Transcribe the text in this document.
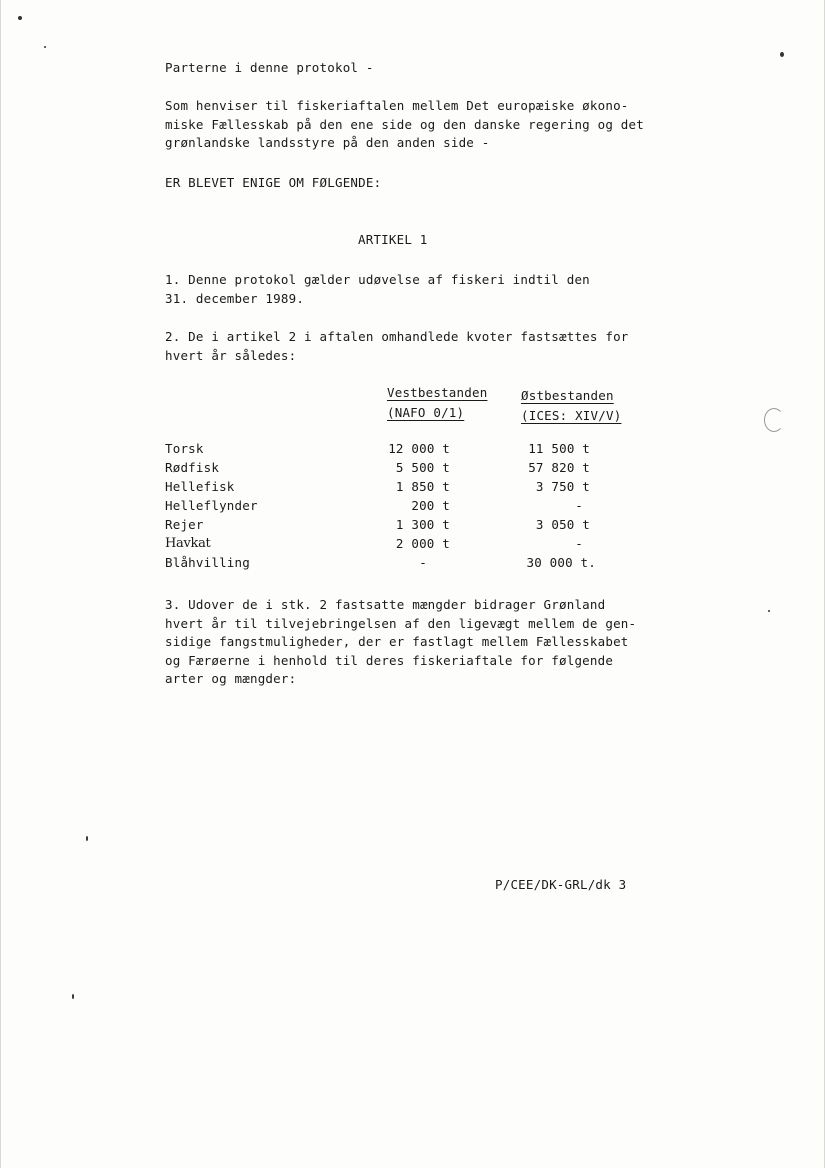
Parterne i denne protokol -
Som henviser til fiskeriaftalen mellem Det europæiske økono-
miske Fællesskab på den ene side og den danske regering og det
grønlandske landsstyre på den anden side -
ER BLEVET ENIGE OM FØLGENDE:
ARTIKEL 1
1. Denne protokol gælder udøvelse af fiskeri indtil den
31. december 1989.
2. De i artikel 2 i aftalen omhandlede kvoter fastsættes for
hvert år således:
Vestbestanden
(NAFO 0/1)
Østbestanden
(ICES: XIV/V)
Torsk	12 000 t	11 500 t
Rødfisk	5 500 t	57 820 t
Hellefisk	1 850 t	3 750 t
Helleflynder	200 t	-
Rejer	1 300 t	3 050 t
Havkat	2 000 t	-
Blåhvilling	-	30 000 t.
3. Udover de i stk. 2 fastsatte mængder bidrager Grønland
hvert år til tilvejebringelsen af den ligevægt mellem de gen-
sidige fangstmuligheder, der er fastlagt mellem Fællesskabet
og Færøerne i henhold til deres fiskeriaftale for følgende
arter og mængder:
P/CEE/DK-GRL/dk 3
